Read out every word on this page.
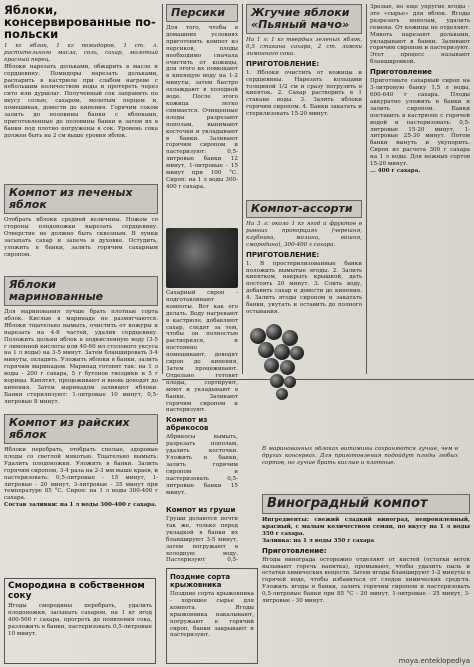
Яблоки, консервированные по-польски

1 кг яблок, 1 кг помидоров, 1 ст. л. растительного масла, соль, сахар, молотый красный перец.

Яблоки нарезать дольками, обжарить в масле и сердцевину. Помидоры нарезать дольками, распарить в кастрюле при слабом нагреве с небольшим количеством воды и протереть через сито или дуршлаг. Полученный сок заправить по вкусу солью, сахаром, молотым перцем и, помешивая, довести до кипения. Горячим соком залить до половины банки с яблоками, приготовленные до половины банки и затем их в банки под плотно погружены в сок. Уровень сока должен быть на 2 см выше уровня яблок.

Компот из печеных яблок

Отобрать яблоки средней величины. Ножом со стороны плодоножки вырезать сердцевину. Отверстие не должно быть сквозным. В лунки засыпать сахар и запечь в духовке. Остудить, уложить в банки, залить горячим сахарным сиропом.

Яблоки маринованные

Для маринования лучше брать плотные сорта яблок. Кислые в маринаде не размягчаются. Яблоки тщательно вымыть, очистить от кожуры и нарезать на 4-8 частей, удалив сердцевину. Положить дольки яблок в подкисленную воду (3-5 г лимонной кислоты или 40-60 мл столового уксуса на 1 л воды) на 3-5 минут. Затем бланшировать 3-4 минуты, охладить. Уложить яблоки в банки, залить горячим маринадом. Маринад готовят так: на 1 л воды - 200 г сахара, 5 г бутонов гвоздики и 5 г корицы. Кипятят, процеживают и вновь доводят до кипения. Затем маринадом заливают яблоки. Банки стерилизуют: 1-литровые 10 минут, 0,5-литровые 8 минут.

Компот из райских яблок

Яблоки перебрать, отобрать спелые, здоровые плоды со светлой мякотью. Тщательно вымыть. Удалить плодоножки. Уложить в банки. Залить горячим сиропом, 3-4 раза на 2-3 мм выше краев, и пастеризовать: 0,5-литровые - 15 минут, 1-литровые - 20 минут, 3-литровые - 35 минут при температуре 85 °С. Сироп: на 1 л воды 300-400 г сахара.

Состав заливки: на 1 л воды 300-400 г сахара.

Смородина в собственном соку

Ягоды смородины перебрать, удалить плодоножки, засыпать сахаром, на 1 кг ягод 400-500 г сахара, прогреть до появления сока, разложить в банки, пастеризовать 0,5-литровые 10 минут.

Персики

Для того, чтобы в домашних условиях приготовить компот из персиков, плоды необходимо сначала очистить от кожицы, для этого их помещают в кипящую воду на 1-2 минуты, затем быстро охлаждают в холодной воде. После этого кожица легко снимается. Очищенные плоды разрезают пополам, вынимают косточки и укладывают в банки. Заливают горячим сиропом и пастеризуют: 0,5-литровые банки 12 минут, 1-литровые - 15 минут при 100 °С. Сироп: на 1 л воды 300-400 г сахара.

Жгучие яблоки «Пьяный мачо»

На 1 л: 1 кг твердых зеленых яблок, 0,5 стакана сахара, 2 ст. ложки лимонного сока.

ПРИГОТОВЛЕНИЕ:

1. Яблоки очистить от кожицы и сердцевины. Нарезать кольцами толщиной 1/2 см и сразу погрузить в кипяток. 2. Сахар растворить в 1 стакане воды. 3. Залить яблоки горячим сиропом. 4. Банки закатать и стерилизовать 15-20 минут.

Компот-ассорти

На 3 л: около 1 кг ягод и фруктов в равных пропорциях (черешня, клубника, малина, вишня, смородина), 300-400 г сахара.

ПРИГОТОВЛЕНИЕ:

1. В простерилизованные банки положить вымытые ягоды. 2. Залить кипятком, накрыть крышкой, дать постоять 20 минут. 3. Слить воду, добавить сахар и довести до кипения. 4. Залить ягоды сиропом и закатать банки, укутать и оставить до полного остывания.

Зрелые, но еще упругие ягоды - это «сырье» для яблок. Ягоды разрезать пополам, удалить семена. От кожицы не отделяют. Мякоть нарезают дольками, укладывают в банки. Заливают горячим сиропом и пастеризуют. Этот процесс называют бланшировкой.

Приготовление

Приготовьте сахарный сироп на 3-литровую банку 1,5 л воды, 600-640 г сахара. Плоды аккуратно уложить в банки и залить сиропом. Банки поставить в кастрюлю с горячей водой и пастеризовать: 0,5-литровые 15-20 минут, 1-литровые 25-30 минут. Потом банки вынуть и укупорить. Сироп из расчета 300 г сахара на 1 л воды. Для нежных сортов 15-20 минут.

... 400 г сахара.

Сахарный сироп - подготавливают компоты. Вот как его делать. Воду нагревают в кастрюле, добавляют сахар, следят за тем, чтобы он полностью растворился, и постоянно помешивают, доводят сироп до кипения. Затем процеживают. Отдельно готовят плоды, сортируют, моют и укладывают в банки. Заливают горячим сиропом и пастеризуют.

Компот из абрикосов

Абрикосы вымыть, разрезать пополам, удалить косточки. Уложить в банки, залить горячим сиропом и пастеризовать 0,5-литровые банки 15 минут.

Компот из груши

Груши делаются почти так же, только перед укладкой в банки их бланшируют 3-5 минут, затем погружают в холодную воду. Пастеризуют 0,5-

Поздние сорта крыжовника

Поздние сорта крыжовника - хорошее сырье для компота. Ягоды крыжовника накалывают, погружают в горячий сироп, банки закрывают и пастеризуют.

В маринованных яблоках витамины сохраняются лучше, чем в других консервах. Для приготовления подойдут плоды любых сортов, но лучше брать кислые и плотные.

Виноградный компот

Ингредиенты: свежий сладкий виноград, непровяленный, красный, с малым количеством семян, по вкусу на 1 л воды 350 г сахара.

Заливка: на 1 л воды 350 г сахара

Приготовление:

Ягоды винограда осторожно отделяют от кистей (остатки веток вызывают горечь напитка), промывают, чтобы удалить пыль и остатки химических веществ. Затем ягоды бланшируют 1-2 минуты в горячей воде, чтобы избавиться от следов химических средств. Уложить ягоды в банки, залить горячим сиропом и пастеризовать 0,5-литровые банки при 85 °С - 20 минут, 1-литровые - 25 минут, 3-литровые - 30 минут.

moya.enteklopediya
